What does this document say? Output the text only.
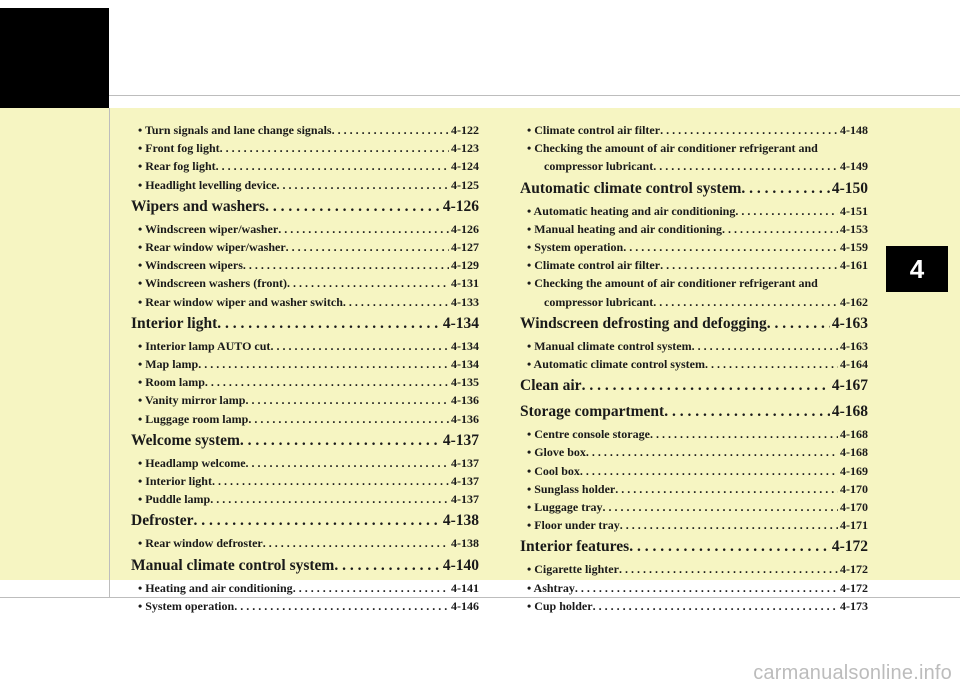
4
• Turn signals and lane change signals . . .	4-122
• Front fog light . . .	4-123
• Rear fog light . . .	4-124
• Headlight levelling device . . .	4-125
Wipers and washers . . .	4-126
• Windscreen wiper/washer . . .	4-126
• Rear window wiper/washer . . .	4-127
• Windscreen wipers . . .	4-129
• Windscreen washers (front) . . .	4-131
• Rear window wiper and washer switch . . .	4-133
Interior light . . .	4-134
• Interior lamp AUTO cut . . .	4-134
• Map lamp . . .	4-134
• Room lamp . . .	4-135
• Vanity mirror lamp . . .	4-136
• Luggage room lamp . . .	4-136
Welcome system . . .	4-137
• Headlamp welcome . . .	4-137
• Interior light . . .	4-137
• Puddle lamp . . .	4-137
Defroster . . .	4-138
• Rear window defroster . . .	4-138
Manual climate control system . . .	4-140
• Heating and air conditioning . . .	4-141
• System operation . . .	4-146
• Climate control air filter . . .	4-148
• Checking the amount of air conditioner refrigerant and
compressor lubricant . . .	4-149
Automatic climate control system . . .	4-150
• Automatic heating and air conditioning . . .	4-151
• Manual heating and air conditioning . . .	4-153
• System operation . . .	4-159
• Climate control air filter . . .	4-161
• Checking the amount of air conditioner refrigerant and
compressor lubricant . . .	4-162
Windscreen defrosting and defogging . . .	4-163
• Manual climate control system . . .	4-163
• Automatic climate control system . . .	4-164
Clean air . . .	4-167
Storage compartment . . .	4-168
• Centre console storage . . .	4-168
• Glove box . . .	4-168
• Cool box . . .	4-169
• Sunglass holder . . .	4-170
• Luggage tray . . .	4-170
• Floor under tray . . .	4-171
Interior features . . .	4-172
• Cigarette lighter . . .	4-172
• Ashtray . . .	4-172
• Cup holder . . .	4-173
carmanualsonline.info
